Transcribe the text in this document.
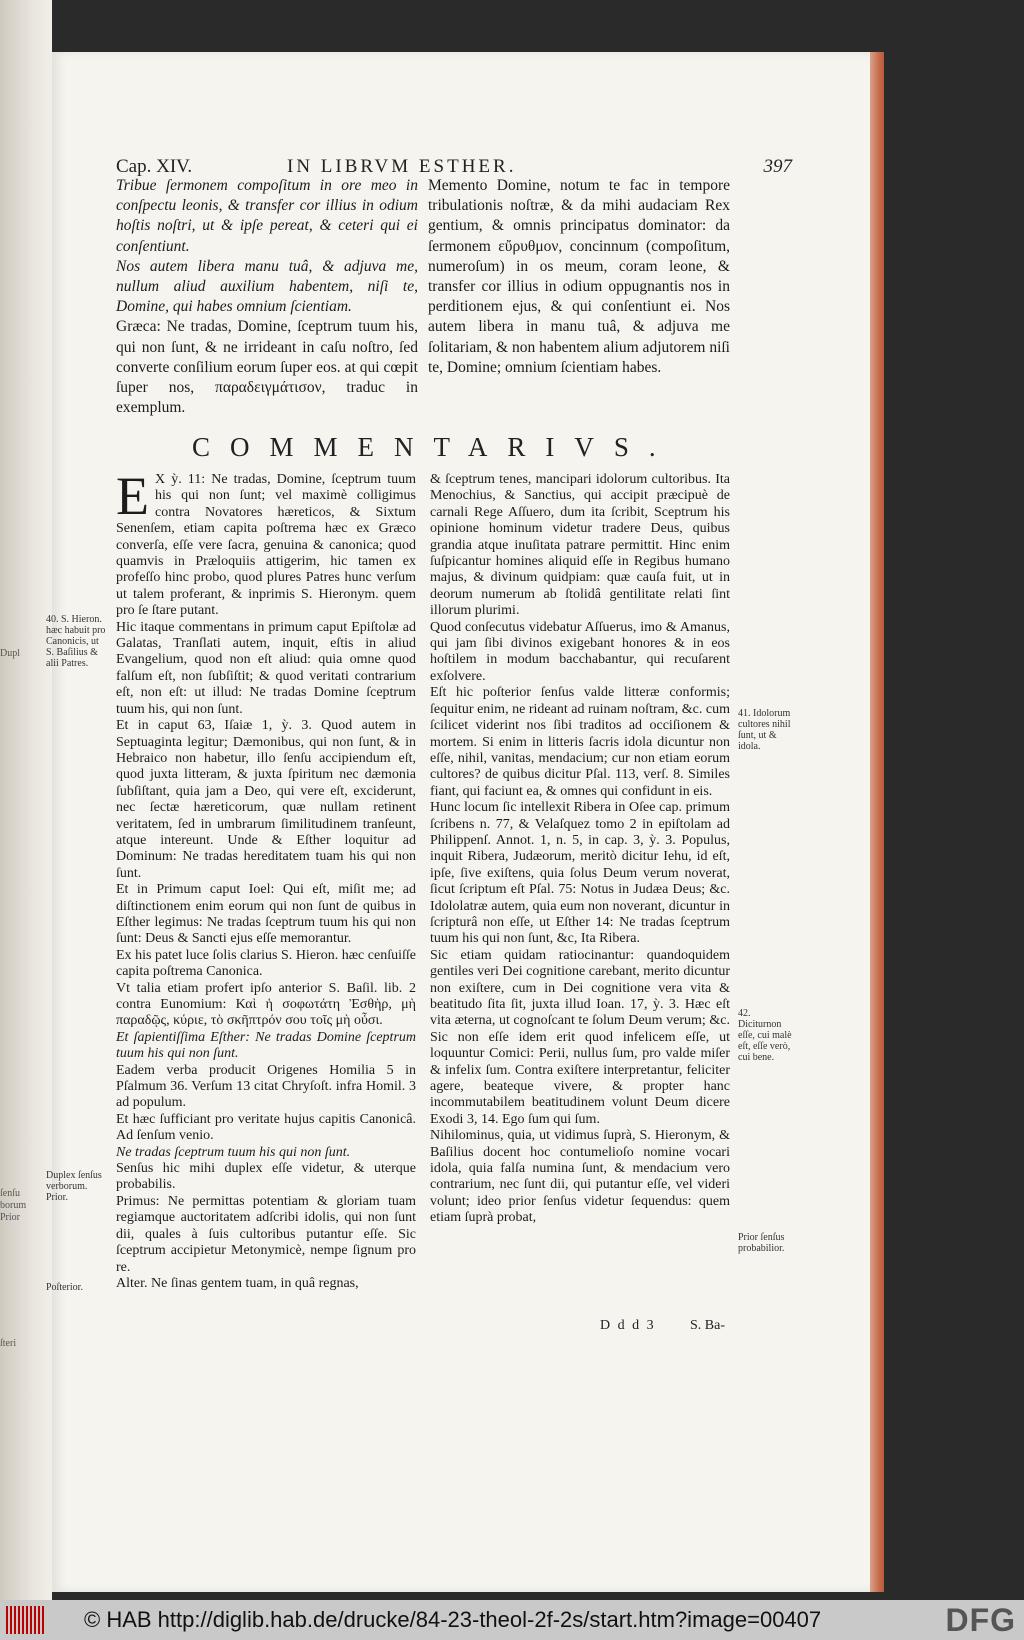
Dupl
ſenſu
borum
Prior
ſteri
Cap. XIV.	IN LIBRVM ESTHER.	397

Tribue ſermonem compoſitum in ore meo in conſpectu leonis, & transfer cor illius in odium hoſtis noſtri, ut & ipſe pereat, & ceteri qui ei conſentiunt.

Nos autem libera manu tuâ, & adjuva me, nullum aliud auxilium habentem, niſi te, Domine, qui habes omnium ſcientiam.

Græca: Ne tradas, Domine, ſceptrum tuum his, qui non ſunt, & ne irrideant in caſu noſtro, ſed converte conſilium eorum ſuper eos. at qui cœpit ſuper nos, παραδειγμάτισον, traduc in exemplum.

Memento Domine, notum te fac in tempore tribulationis noſtræ, & da mihi audaciam Rex gentium, & omnis principatus dominator: da ſermonem εὔρυθμον, concinnum (compoſitum, numeroſum) in os meum, coram leone, & transfer cor illius in odium oppugnantis nos in perditionem ejus, & qui conſentiunt ei. Nos autem libera in manu tuâ, & adjuva me ſolitariam, & non habentem alium adjutorem niſi te, Domine; omnium ſcientiam habes.

COMMENTARIVS.

E X ỳ. 11: Ne tradas, Domine, ſceptrum tuum his qui non ſunt; vel maximè colligimus contra Novatores hæreticos, & Sixtum Senenſem, etiam capita poſtrema hæc ex Græco converſa, eſſe vere ſacra, genuina & canonica; quod quamvis in Præloquiis attigerim, hic tamen ex profeſſo hinc probo, quod plures Patres hunc verſum ut talem proferant, & inprimis S. Hieronym. quem pro ſe ſtare putant.

Hic itaque commentans in primum caput Epiſtolæ ad Galatas, Tranſlati autem, inquit, eſtis in aliud Evangelium, quod non eſt aliud: quia omne quod falſum eſt, non ſubſiſtit; & quod veritati contrarium eſt, non eſt: ut illud: Ne tradas Domine ſceptrum tuum his, qui non ſunt.

Et in caput 63, Iſaiæ 1, ỳ. 3. Quod autem in Septuaginta legitur; Dæmonibus, qui non ſunt, & in Hebraico non habetur, illo ſenſu accipiendum eſt, quod juxta litteram, & juxta ſpiritum nec dæmonia ſubſiſtant, quia jam a Deo, qui vere eſt, exciderunt, nec ſectæ hæreticorum, quæ nullam retinent veritatem, ſed in umbrarum ſimilitudinem tranſeunt, atque intereunt. Unde & Eſther loquitur ad Dominum: Ne tradas hereditatem tuam his qui non ſunt.

Et in Primum caput Ioel: Qui eſt, miſit me; ad diſtinctionem enim eorum qui non ſunt de quibus in Eſther legimus: Ne tradas ſceptrum tuum his qui non ſunt: Deus & Sancti ejus eſſe memorantur.

Ex his patet luce ſolis clarius S. Hieron. hæc cenſuiſſe capita poſtrema Canonica.

Vt talia etiam profert ipſo anterior S. Baſil. lib. 2 contra Eunomium: Καὶ ἡ σοφωτάτη Ἐσθὴρ, μὴ παραδῷς, κύριε, τὸ σκῆπτρόν σου τοῖς μὴ οὖσι.

Et ſapientiſſima Eſther: Ne tradas Domine ſceptrum tuum his qui non ſunt.

Eadem verba producit Origenes Homilia 5 in Pſalmum 36. Verſum 13 citat Chryſoſt. infra Homil. 3 ad populum.

Et hæc ſufficiant pro veritate hujus capitis Canonicâ. Ad ſenſum venio.

Ne tradas ſceptrum tuum his qui non ſunt.

Senſus hic mihi duplex eſſe videtur, & uterque probabilis.

Primus: Ne permittas potentiam & gloriam tuam regiamque auctoritatem adſcribi idolis, qui non ſunt dii, quales à ſuis cultoribus putantur eſſe. Sic ſceptrum accipietur Metonymicè, nempe ſignum pro re.

Alter. Ne ſinas gentem tuam, in quâ regnas,

& ſceptrum tenes, mancipari idolorum cultoribus. Ita Menochius, & Sanctius, qui accipit præcipuè de carnali Rege Aſſuero, dum ita ſcribit, Sceptrum his opinione hominum videtur tradere Deus, quibus grandia atque inuſitata patrare permittit. Hinc enim ſuſpicantur homines aliquid eſſe in Regibus humano majus, & divinum quidpiam: quæ cauſa fuit, ut in deorum numerum ab ſtolidâ gentilitate relati ſint illorum plurimi.

Quod conſecutus videbatur Aſſuerus, imo & Amanus, qui jam ſibi divinos exigebant honores & in eos hoſtilem in modum bacchabantur, qui recuſarent exſolvere.

Eſt hic poſterior ſenſus valde litteræ conformis; ſequitur enim, ne rideant ad ruinam noſtram, &c. cum ſcilicet viderint nos ſibi traditos ad occiſionem & mortem. Si enim in litteris ſacris idola dicuntur non eſſe, nihil, vanitas, mendacium; cur non etiam eorum cultores? de quibus dicitur Pſal. 113, verſ. 8. Similes fiant, qui faciunt ea, & omnes qui confidunt in eis.

Hunc locum ſic intellexit Ribera in Oſee cap. primum ſcribens n. 77, & Velaſquez tomo 2 in epiſtolam ad Philippenſ. Annot. 1, n. 5, in cap. 3, ỳ. 3. Populus, inquit Ribera, Judæorum, meritò dicitur Iehu, id eſt, ipſe, ſive exiſtens, quia ſolus Deum verum noverat, ſicut ſcriptum eſt Pſal. 75: Notus in Judæa Deus; &c. Idololatræ autem, quia eum non noverant, dicuntur in ſcripturâ non eſſe, ut Eſther 14: Ne tradas ſceptrum tuum his qui non ſunt, &c, Ita Ribera.

Sic etiam quidam ratiocinantur: quandoquidem gentiles veri Dei cognitione carebant, merito dicuntur non exiſtere, cum in Dei cognitione vera vita & beatitudo ſita ſit, juxta illud Ioan. 17, ỳ. 3. Hæc eſt vita æterna, ut cognoſcant te ſolum Deum verum; &c. Sic non eſſe idem erit quod infelicem eſſe, ut loquuntur Comici: Perii, nullus ſum, pro valde miſer & infelix ſum. Contra exiſtere interpretantur, feliciter agere, beateque vivere, & propter hanc incommutabilem beatitudinem volunt Deum dicere Exodi 3, 14. Ego ſum qui ſum.

Nihilominus, quia, ut vidimus ſuprà, S. Hieronym, & Baſilius docent hoc contumelioſo nomine vocari idola, quia falſa numina ſunt, & mendacium vero contrarium, nec ſunt dii, qui putantur eſſe, vel videri volunt; ideo prior ſenſus videtur ſequendus: quem etiam ſuprà probat,

40. S. Hieron. hæc habuit pro Canonicis, ut S. Baſilius & alii Patres.
Duplex ſenſus verborum. Prior.
Poſterior.
41. Idolorum cultores nihil ſunt, ut & idola.
42. Diciturnon eſſe, cui malè eſt, eſſe verò, cui bene.
Prior ſenſus probabilior.
D d d 3 S. Ba-
© HAB http://diglib.hab.de/drucke/84-23-theol-2f-2s/start.htm?image=00407	DFG
